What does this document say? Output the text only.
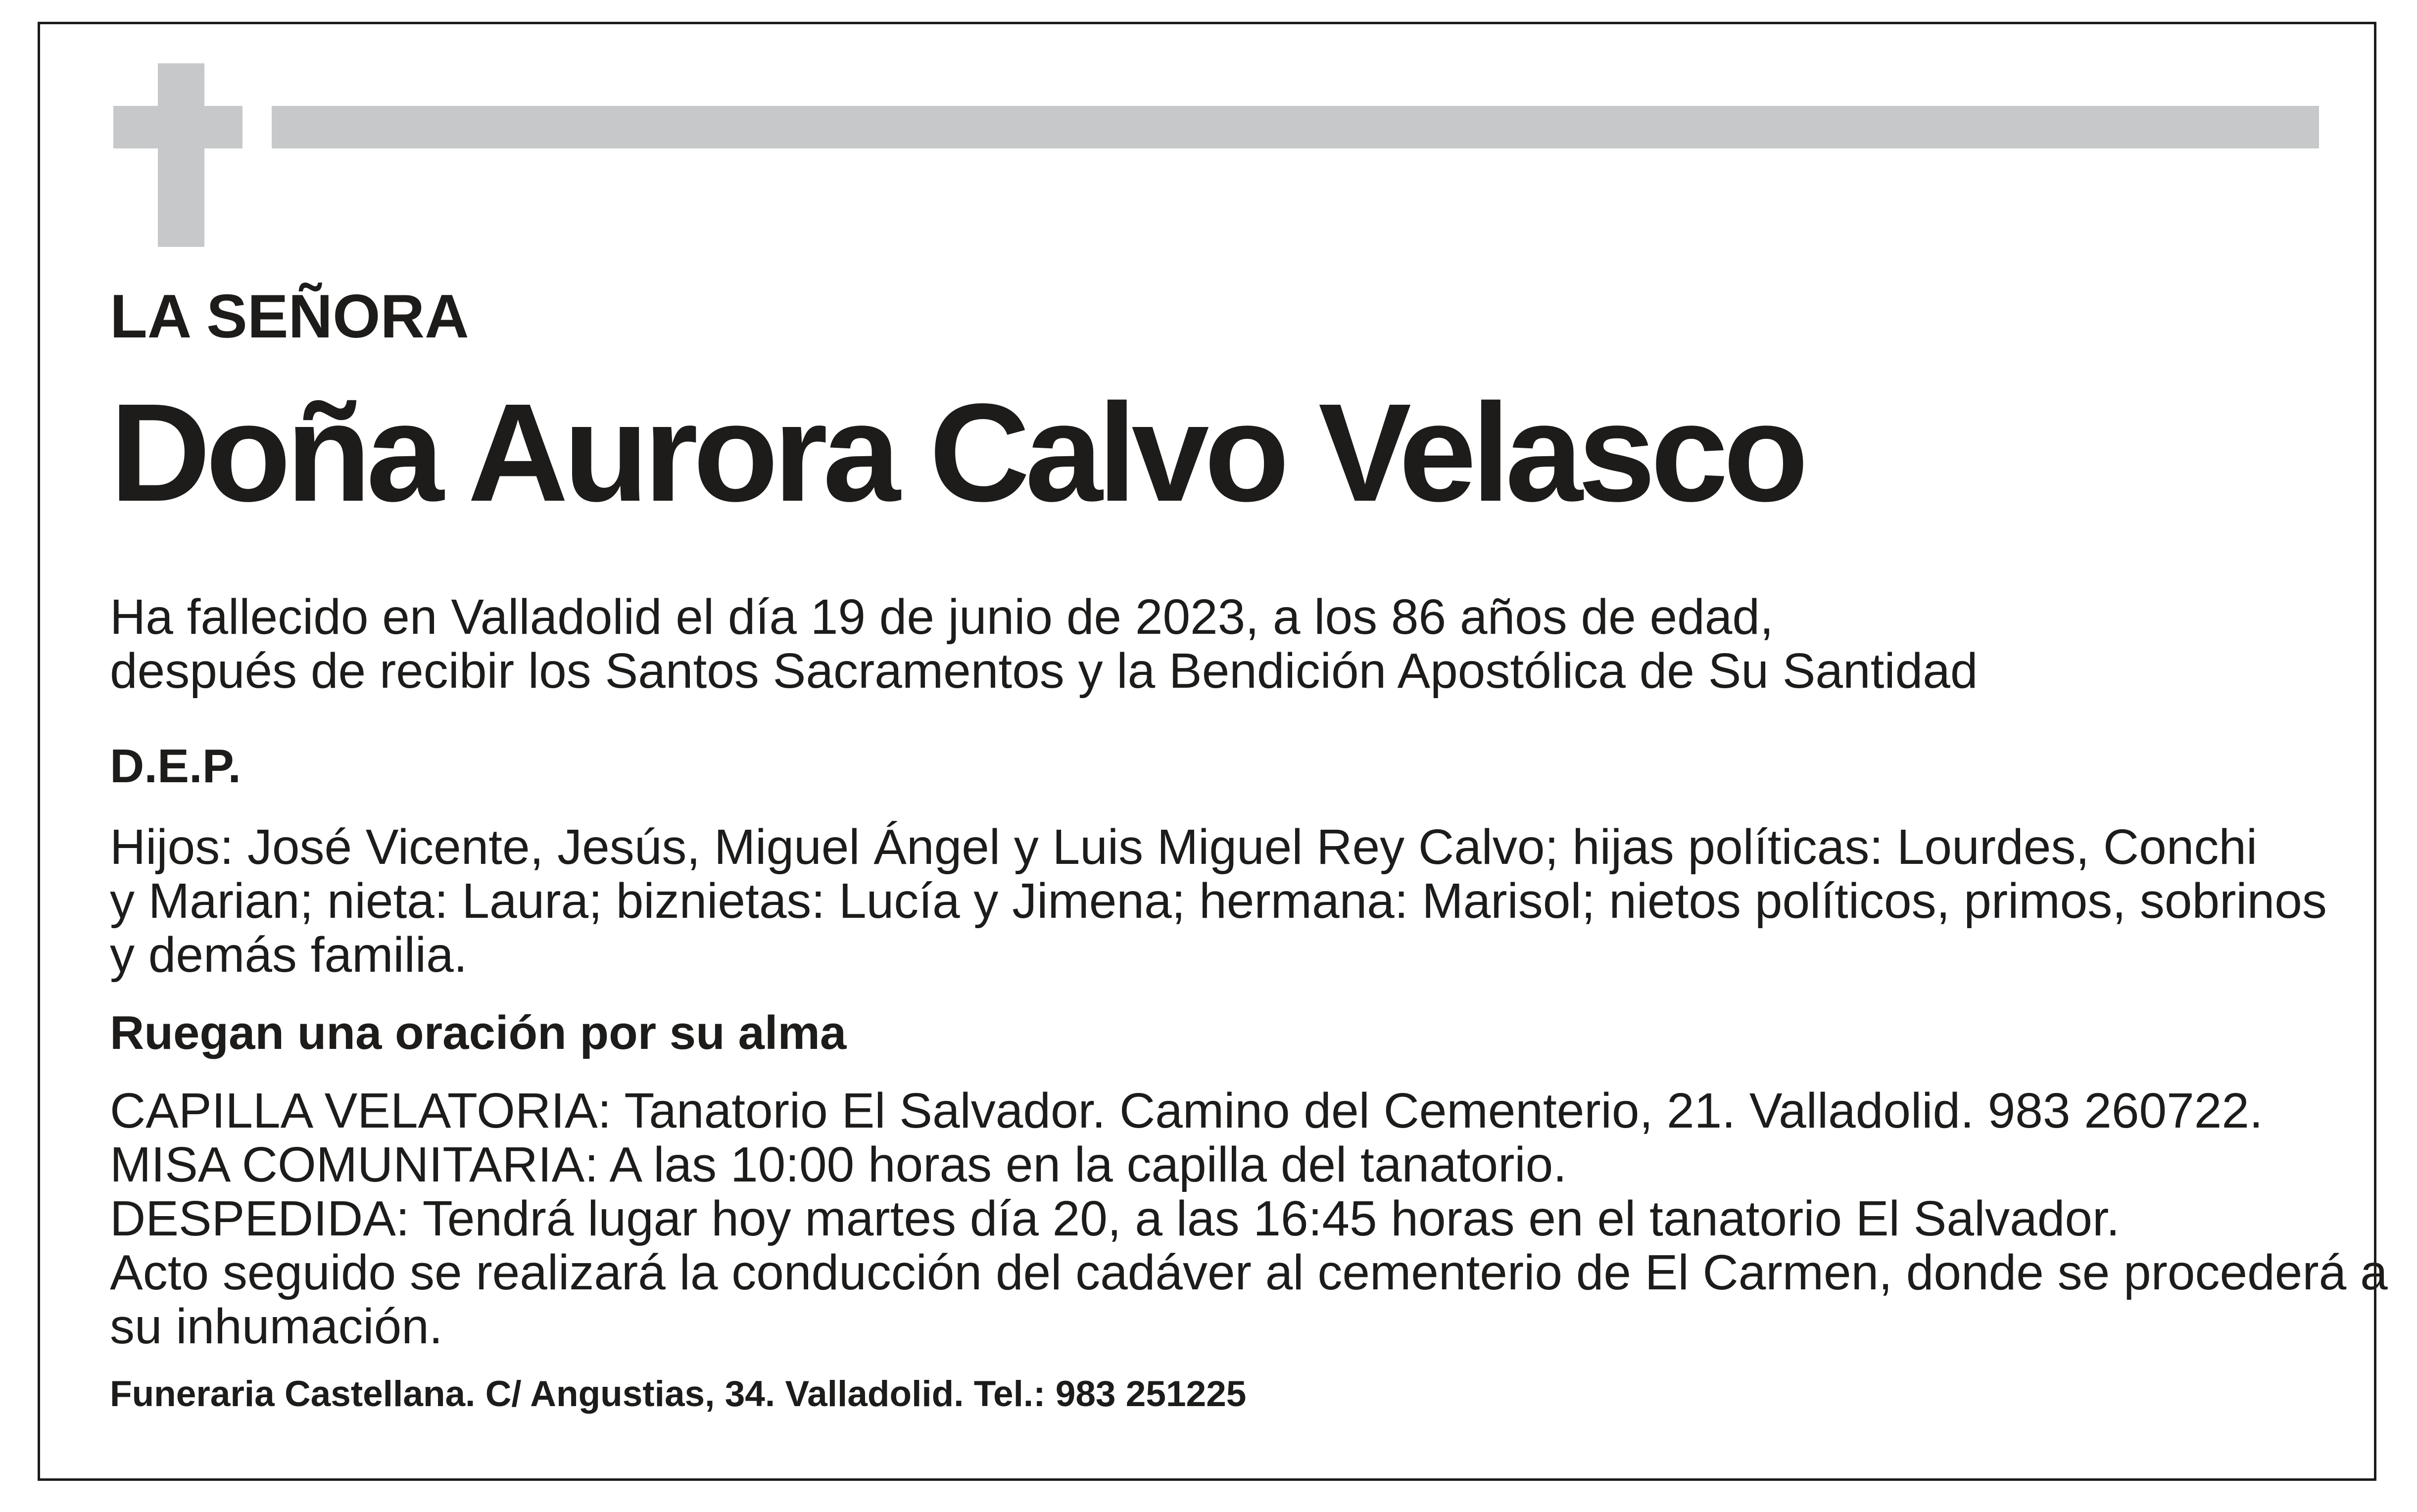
LA SEÑORA
Doña Aurora Calvo Velasco
Ha fallecido en Valladolid el día 19 de junio de 2023, a los 86 años de edad,
después de recibir los Santos Sacramentos y la Bendición Apostólica de Su Santidad
D.E.P.
Hijos: José Vicente, Jesús, Miguel Ángel y Luis Miguel Rey Calvo; hijas políticas: Lourdes, Conchi
y Marian; nieta: Laura; biznietas: Lucía y Jimena; hermana: Marisol; nietos políticos, primos, sobrinos
y demás familia.
Ruegan una oración por su alma
CAPILLA VELATORIA: Tanatorio El Salvador. Camino del Cementerio, 21. Valladolid. 983 260722.
MISA COMUNITARIA: A las 10:00 horas en la capilla del tanatorio.
DESPEDIDA: Tendrá lugar hoy martes día 20, a las 16:45 horas en el tanatorio El Salvador.
Acto seguido se realizará la conducción del cadáver al cementerio de El Carmen, donde se procederá a
su inhumación.
Funeraria Castellana. C/ Angustias, 34. Valladolid. Tel.: 983 251225
